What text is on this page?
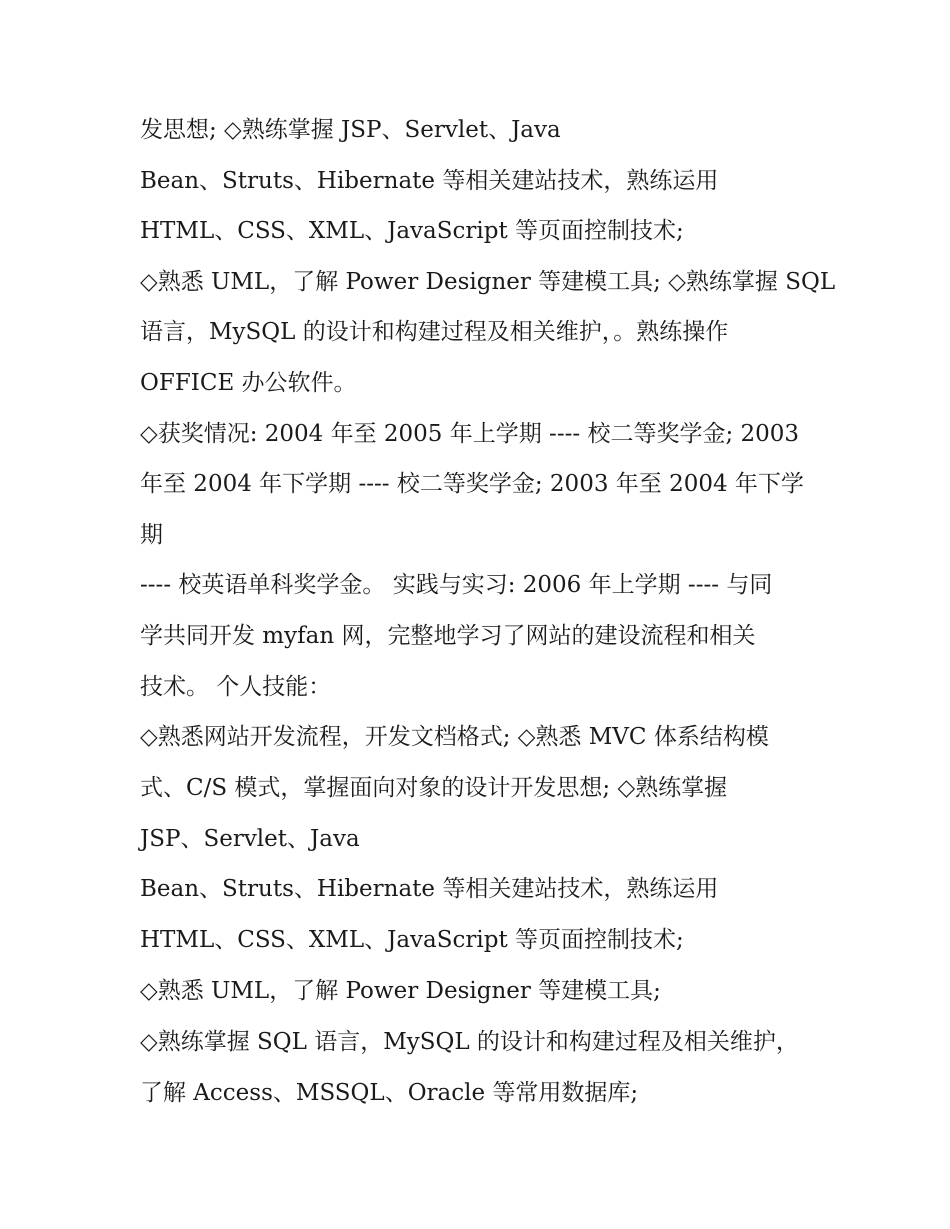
发思想; ◇熟练掌握 JSP、Servlet、Java
Bean、Struts、Hibernate 等相关建站技术，熟练运用
HTML、CSS、XML、JavaScript 等页面控制技术;
◇熟悉 UML，了解 Power Designer 等建模工具; ◇熟练掌握 SQL
语言，MySQL 的设计和构建过程及相关维护，。熟练操作
OFFICE 办公软件。
◇获奖情况: 2004 年至 2005 年上学期 ---- 校二等奖学金; 2003
年至 2004 年下学期 ---- 校二等奖学金; 2003 年至 2004 年下学
期
---- 校英语单科奖学金。 实践与实习: 2006 年上学期 ---- 与同
学共同开发 myfan 网，完整地学习了网站的建设流程和相关
技术。 个人技能：
◇熟悉网站开发流程，开发文档格式; ◇熟悉 MVC 体系结构模
式、C/S 模式，掌握面向对象的设计开发思想; ◇熟练掌握
JSP、Servlet、Java
Bean、Struts、Hibernate 等相关建站技术，熟练运用
HTML、CSS、XML、JavaScript 等页面控制技术;
◇熟悉 UML，了解 Power Designer 等建模工具;
◇熟练掌握 SQL 语言，MySQL 的设计和构建过程及相关维护，
了解 Access、MSSQL、Oracle 等常用数据库;
